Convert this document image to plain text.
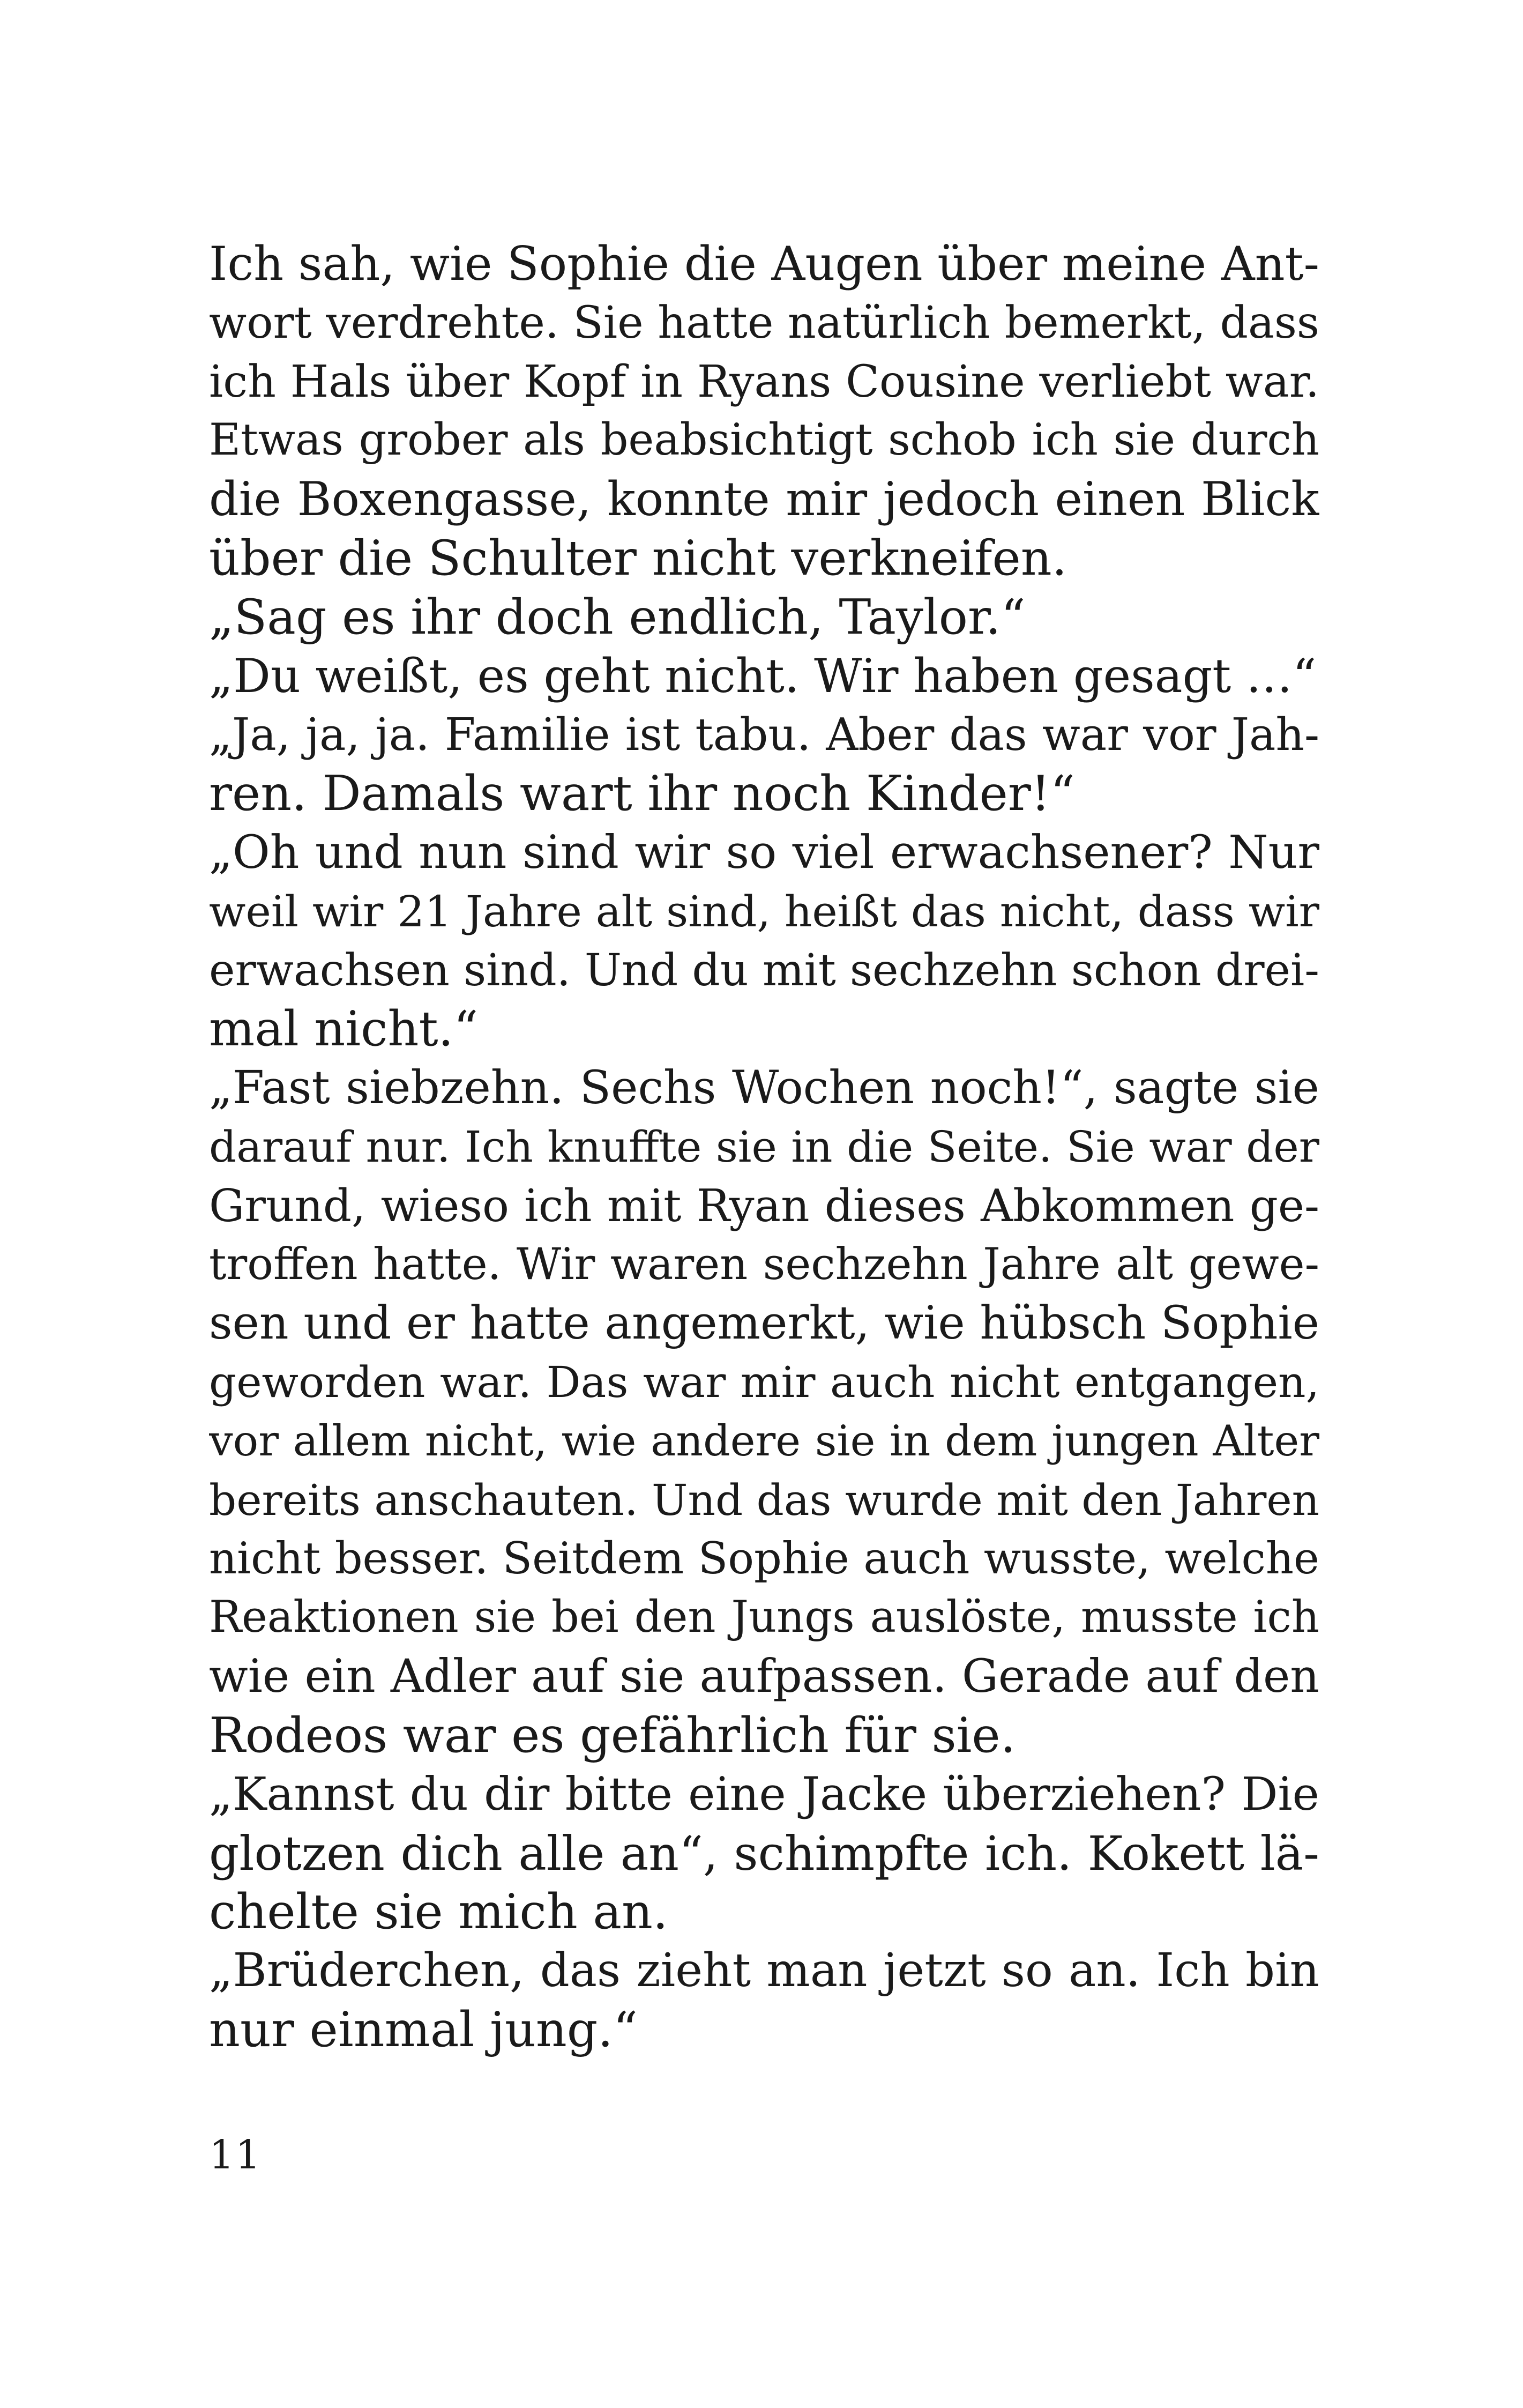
Ich sah, wie Sophie die Augen über meine Ant-
wort verdrehte. Sie hatte natürlich bemerkt, dass
ich Hals über Kopf in Ryans Cousine verliebt war.
Etwas grober als beabsichtigt schob ich sie durch
die Boxengasse, konnte mir jedoch einen Blick
über die Schulter nicht verkneifen.
„Sag es ihr doch endlich, Taylor.“
„Du weißt, es geht nicht. Wir haben gesagt …“
„Ja, ja, ja. Familie ist tabu. Aber das war vor Jah-
ren. Damals wart ihr noch Kinder!“
„Oh und nun sind wir so viel erwachsener? Nur
weil wir 21 Jahre alt sind, heißt das nicht, dass wir
erwachsen sind. Und du mit sechzehn schon drei-
mal nicht.“
„Fast siebzehn. Sechs Wochen noch!“, sagte sie
darauf nur. Ich knuffte sie in die Seite. Sie war der
Grund, wieso ich mit Ryan dieses Abkommen ge-
troffen hatte. Wir waren sechzehn Jahre alt gewe-
sen und er hatte angemerkt, wie hübsch Sophie
geworden war. Das war mir auch nicht entgangen,
vor allem nicht, wie andere sie in dem jungen Alter
bereits anschauten. Und das wurde mit den Jahren
nicht besser. Seitdem Sophie auch wusste, welche
Reaktionen sie bei den Jungs auslöste, musste ich
wie ein Adler auf sie aufpassen. Gerade auf den
Rodeos war es gefährlich für sie.
„Kannst du dir bitte eine Jacke überziehen? Die
glotzen dich alle an“, schimpfte ich. Kokett lä-
chelte sie mich an.
„Brüderchen, das zieht man jetzt so an. Ich bin
nur einmal jung.“
11
